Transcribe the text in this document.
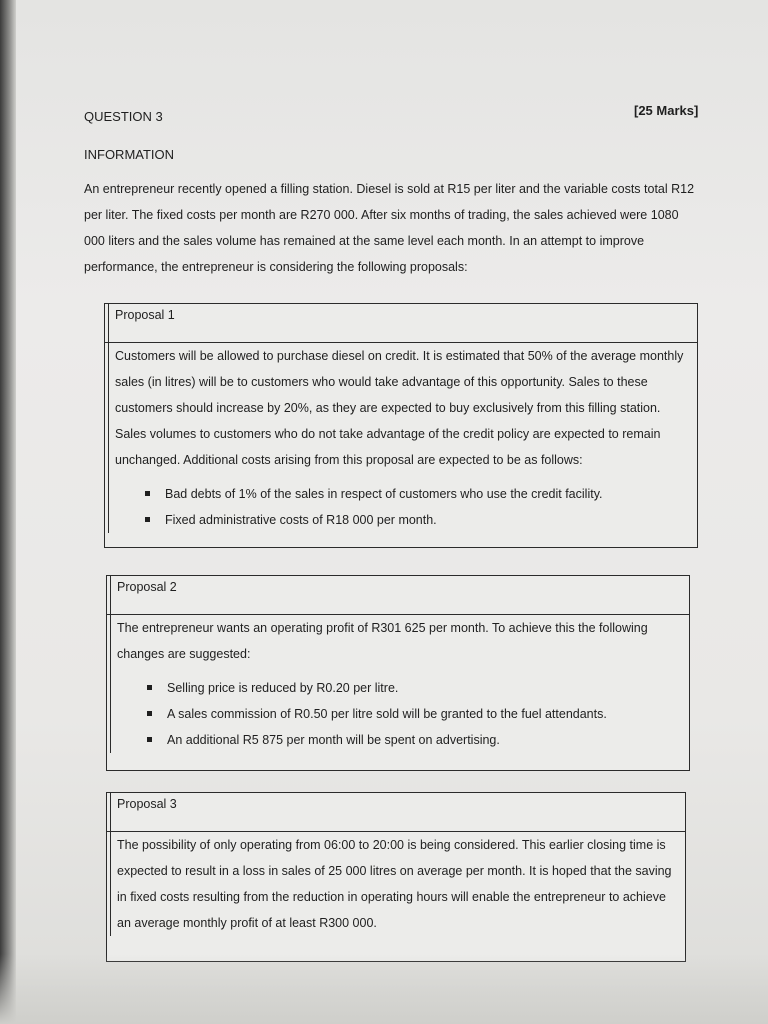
QUESTION 3	[25 Marks]
INFORMATION

An entrepreneur recently opened a filling station. Diesel is sold at R15 per liter and the variable costs total R12 per liter. The fixed costs per month are R270 000. After six months of trading, the sales achieved were 1080 000 liters and the sales volume has remained at the same level each month. In an attempt to improve performance, the entrepreneur is considering the following proposals:

Proposal 1

Customers will be allowed to purchase diesel on credit. It is estimated that 50% of the average monthly sales (in litres) will be to customers who would take advantage of this opportunity. Sales to these customers should increase by 20%, as they are expected to buy exclusively from this filling station. Sales volumes to customers who do not take advantage of the credit policy are expected to remain unchanged. Additional costs arising from this proposal are expected to be as follows:

Bad debts of 1% of the sales in respect of customers who use the credit facility.
Fixed administrative costs of R18 000 per month.
Proposal 2

The entrepreneur wants an operating profit of R301 625 per month. To achieve this the following changes are suggested:

Selling price is reduced by R0.20 per litre.
A sales commission of R0.50 per litre sold will be granted to the fuel attendants.
An additional R5 875 per month will be spent on advertising.
Proposal 3

The possibility of only operating from 06:00 to 20:00 is being considered. This earlier closing time is expected to result in a loss in sales of 25 000 litres on average per month. It is hoped that the saving in fixed costs resulting from the reduction in operating hours will enable the entrepreneur to achieve an average monthly profit of at least R300 000.
